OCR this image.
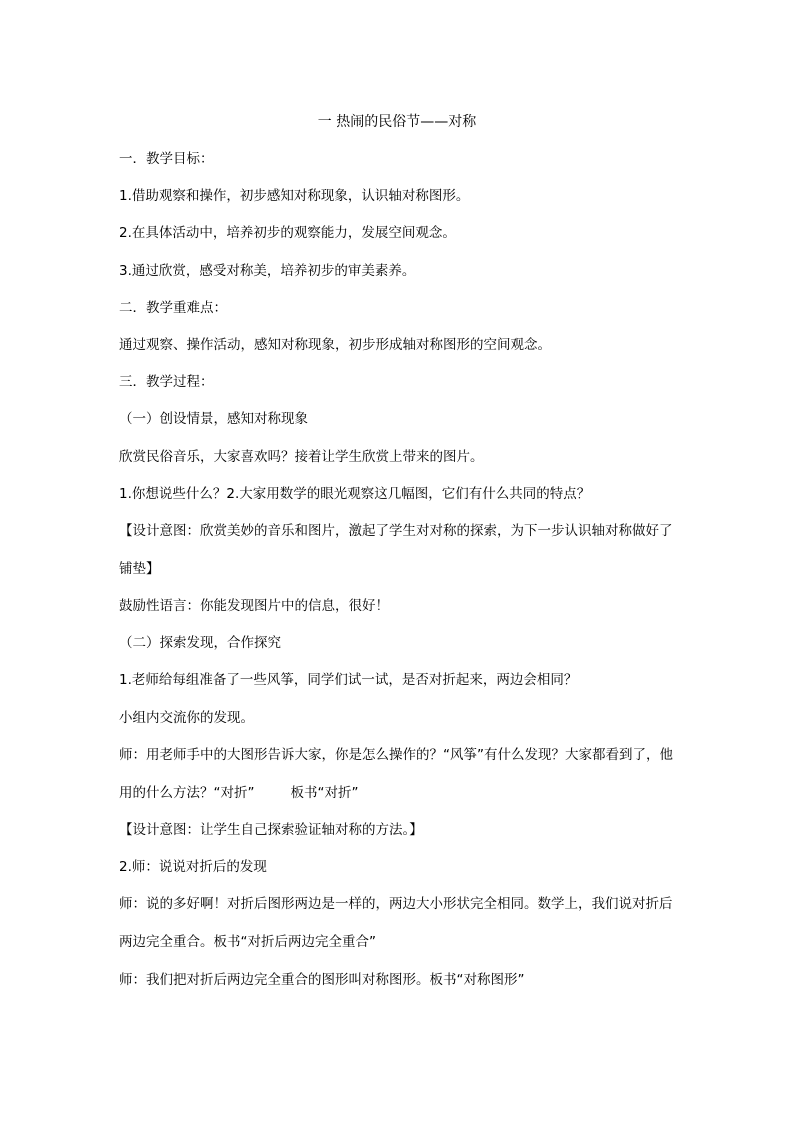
一 热闹的民俗节——对称
一．教学目标：
1.借助观察和操作，初步感知对称现象，认识轴对称图形。
2.在具体活动中，培养初步的观察能力，发展空间观念。
3.通过欣赏，感受对称美，培养初步的审美素养。
二．教学重难点：
通过观察、操作活动，感知对称现象，初步形成轴对称图形的空间观念。
三．教学过程：
（一）创设情景，感知对称现象
欣赏民俗音乐，大家喜欢吗？接着让学生欣赏上带来的图片。
1.你想说些什么？2.大家用数学的眼光观察这几幅图，它们有什么共同的特点？
【设计意图：欣赏美妙的音乐和图片，激起了学生对对称的探索，为下一步认识轴对称做好了铺垫】
鼓励性语言：你能发现图片中的信息，很好！
（二）探索发现，合作探究
1.老师给每组准备了一些风筝，同学们试一试，是否对折起来，两边会相同？
小组内交流你的发现。
师：用老师手中的大图形告诉大家，你是怎么操作的？“风筝”有什么发现？大家都看到了，他用的什么方法？“对折”	板书“对折”
【设计意图：让学生自己探索验证轴对称的方法。】
2.师：说说对折后的发现
师：说的多好啊！对折后图形两边是一样的，两边大小形状完全相同。数学上，我们说对折后两边完全重合。板书“对折后两边完全重合”
师：我们把对折后两边完全重合的图形叫对称图形。板书“对称图形”
